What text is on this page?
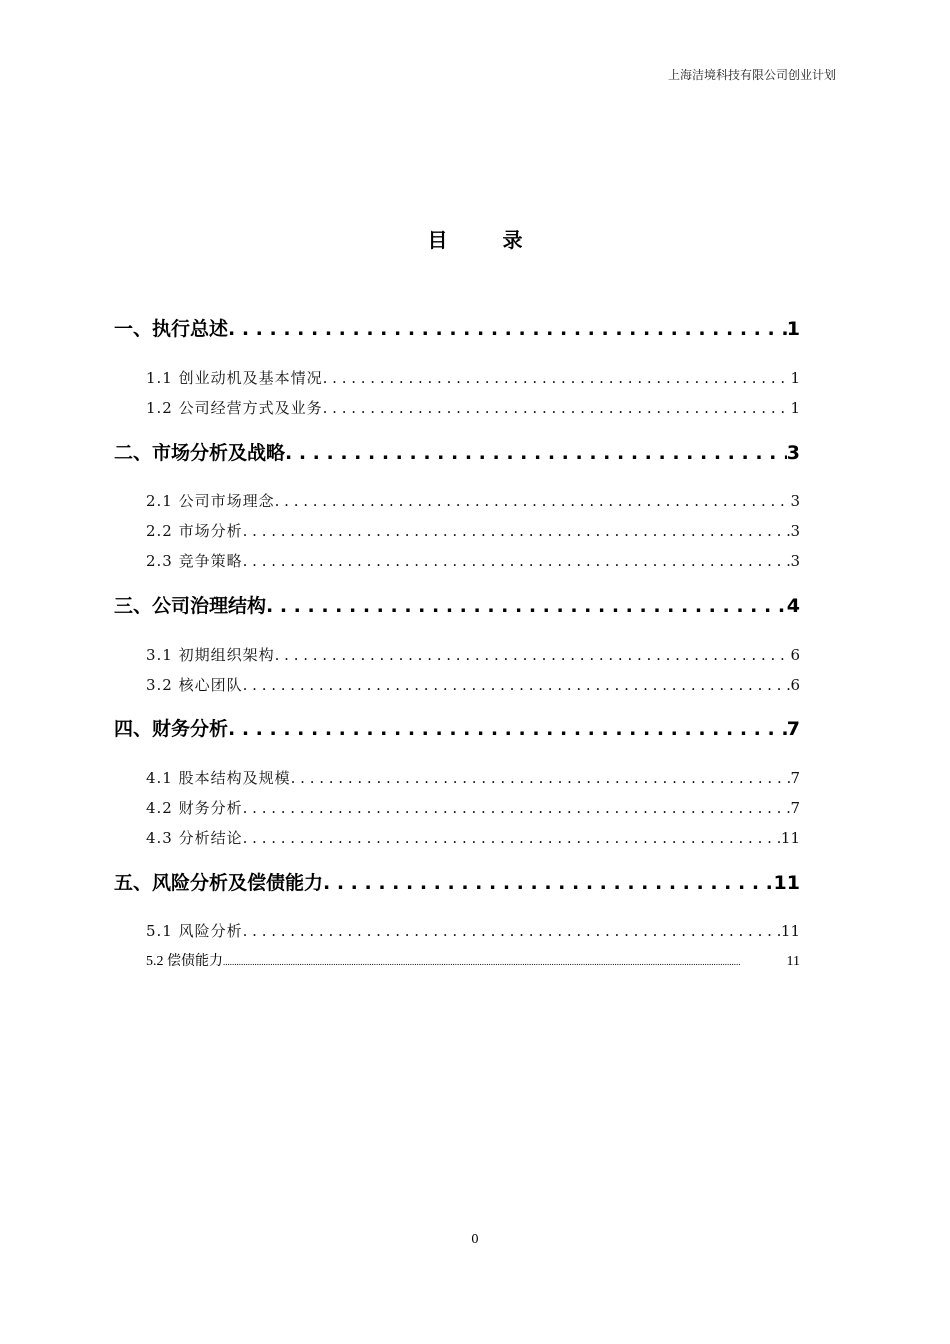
上海洁境科技有限公司创业计划
目 录
一、执行总述 . . .	1
1.1 创业动机及基本情况 . . .	1
1.2 公司经营方式及业务 . . .	1
二、市场分析及战略 . . .	3
2.1 公司市场理念 . . .	3
2.2 市场分析 . . .	3
2.3 竞争策略 . . .	3
三、公司治理结构 . . .	4
3.1 初期组织架构 . . .	6
3.2 核心团队 . . .	6
四、财务分析 . . .	7
4.1 股本结构及规模 . . .	7
4.2 财务分析 . . .	7
4.3 分析结论 . . .	11
五、风险分析及偿债能力 . . .	11
5.1 风险分析 . . .	11
5.2 偿债能力 .....	11
0
